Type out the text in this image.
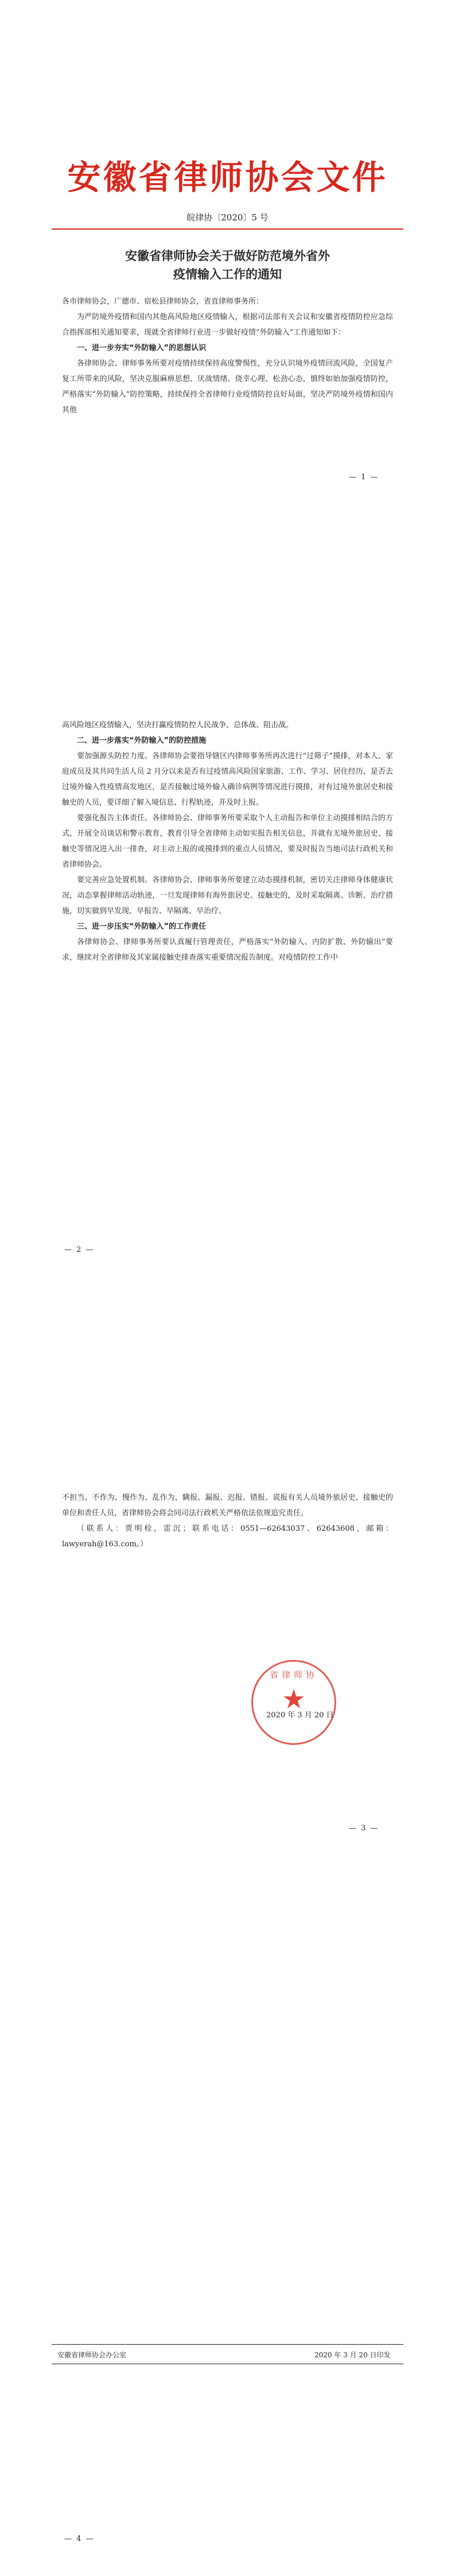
安徽省律师协会文件
皖律协〔2020〕5 号
安徽省律师协会关于做好防范境外省外
疫情输入工作的通知

各市律师协会，广德市、宿松县律师协会，省直律师事务所：

为严防境外疫情和国内其他高风险地区疫情输入，根据司法部有关会议和安徽省疫情防控应急综合指挥部相关通知要求，现就全省律师行业进一步做好疫情“外防输入”工作通知如下：

一、进一步夯实“外防输入”的思想认识

各律师协会、律师事务所要对疫情持续保持高度警惕性，充分认识境外疫情回流风险，全国复产复工所带来的风险，坚决克服麻痹思想、厌战情绪、侥幸心理、松劲心态，慎终如始加强疫情防控，严格落实“外防输入”防控策略，持续保持全省律师行业疫情防控良好局面，坚决严防境外疫情和国内其他

— 1 —

高风险地区疫情输入，坚决打赢疫情防控人民战争、总体战、阻击战。

二、进一步落实“外防输入”的防控措施

要加强源头防控力度。各律师协会要指导辖区内律师事务所再次进行“过筛子”摸排，对本人、家庭成员及其共同生活人员 2 月分以来是否有过疫情高风险国家旅游、工作、学习、居住经历，是否去过境外输入性疫情高发地区，是否接触过境外输入确诊病例等情况进行摸排，对有过境外旅居史和接触史的人员，要详细了解入境信息、行程轨迹，并及时上报。

要强化报告主体责任。各律师协会、律师事务所要采取个人主动报告和单位主动摸排相结合的方式，开展全员谈话和警示教育，教育引导全省律师主动如实报告相关信息，并就有无境外旅居史、接触史等情况进入出一排查，对主动上报的或摸排到的重点人员情况，要及时报告当地司法行政机关和省律师协会。

要完善应急处置机制。各律师协会、律师事务所要建立动态摸排机制，密切关注律师身体健康状况，动态掌握律师活动轨迹，一旦发现律师有海外旅居史、接触史的，及时采取隔离、诊断、治疗措施，切实做到早发现、早报告、早隔离、早治疗。

三、进一步压实“外防输入”的工作责任

各律师协会、律师事务所要认真履行管理责任，严格落实“外防输入、内防扩散、外防输出”要求，继续对全省律师及其家属接触史排查落实重要情况报告制度。对疫情防控工作中

— 2 —

不担当、不作为、慢作为、乱作为，瞒报、漏报、迟报、错报、谎报有关人员境外旅居史、接触史的单位和责任人员，省律师协会将会同司法行政机关严格依法依规追究责任。

（联系人：贾明栓，雷沉；联系电话：0551—62643037、62643608，邮箱：lawyerah@163.com。）

省律师协
★
2020 年 3 月 20 日
— 3 —
安徽省律师协会办公室	2020 年 3 月 20 日印发
— 4 —
